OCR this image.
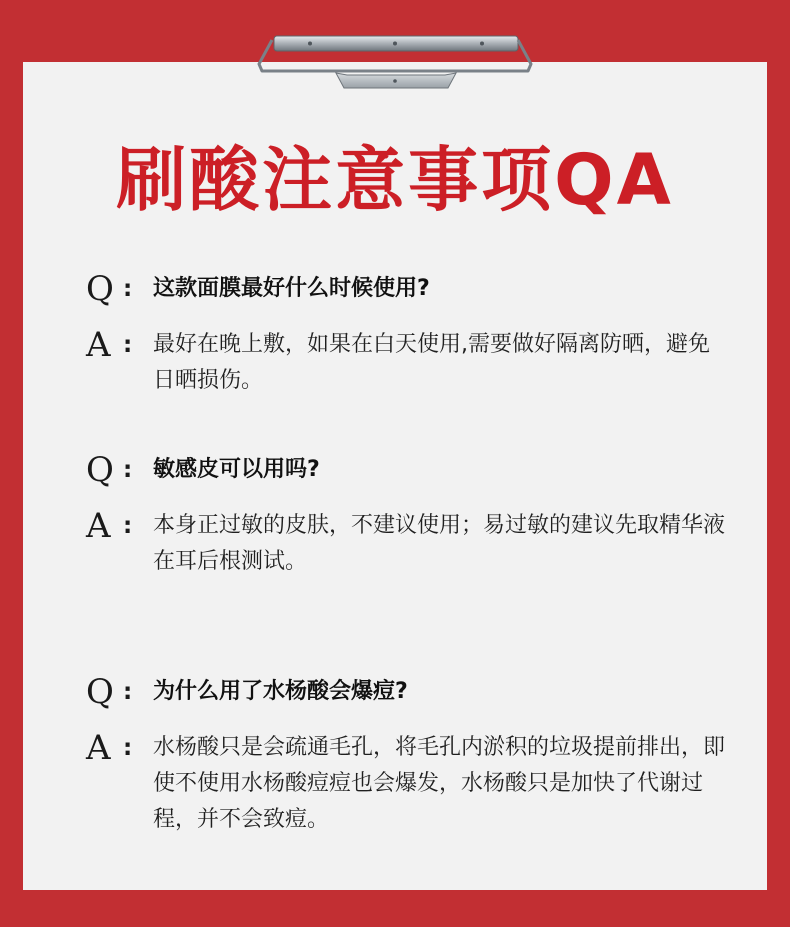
刷酸注意事项QA
Q : 这款面膜最好什么时候使用?
A : 最好在晚上敷，如果在白天使用,需要做好隔离防晒，避免日晒损伤。
Q : 敏感皮可以用吗?
A : 本身正过敏的皮肤，不建议使用；易过敏的建议先取精华液在耳后根测试。
Q : 为什么用了水杨酸会爆痘?
A : 水杨酸只是会疏通毛孔，将毛孔内淤积的垃圾提前排出，即使不使用水杨酸痘痘也会爆发，水杨酸只是加快了代谢过程，并不会致痘。
